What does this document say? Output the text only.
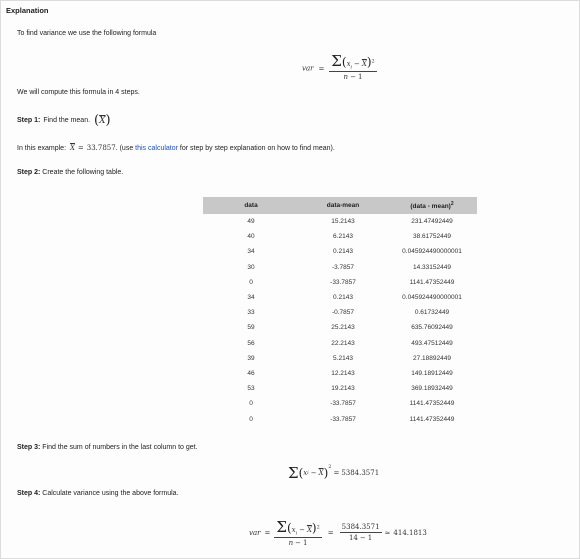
Explanation
To find variance we use the following formula
var = $\frac{\Sigma(x_i - \overline{X})^2}{n - 1}$
We will compute this formula in 4 steps.
Step 1: Find the mean. ( $\overline{X}$ )
In this example: $\overline{X} = 33.7857$. (use this calculator for step by step explanation on how to find mean).
Step 2: Create the following table.
data	data-mean	(data - mean)$^2$
49	15.2143	231.47492449
40	6.2143	38.61752449
34	0.2143	0.045924490000001
30	-3.7857	14.33152449
0	-33.7857	1141.47352449
34	0.2143	0.045924490000001
33	-0.7857	0.61732449
59	25.2143	635.76092449
56	22.2143	493.47512449
39	5.2143	27.18892449
46	12.2143	149.18912449
53	19.2143	369.18932449
0	-33.7857	1141.47352449
0	-33.7857	1141.47352449
Step 3: Find the sum of numbers in the last column to get.
Σ ( x $i - \overline{X}$ )$^2$
= 5384.3571
Step 4: Calculate variance using the above formula.
var = $\frac{\Sigma(x_i - \overline{X})^2}{n - 1} = \frac{5384.3571}{14 - 1} \approx 414.1813$
